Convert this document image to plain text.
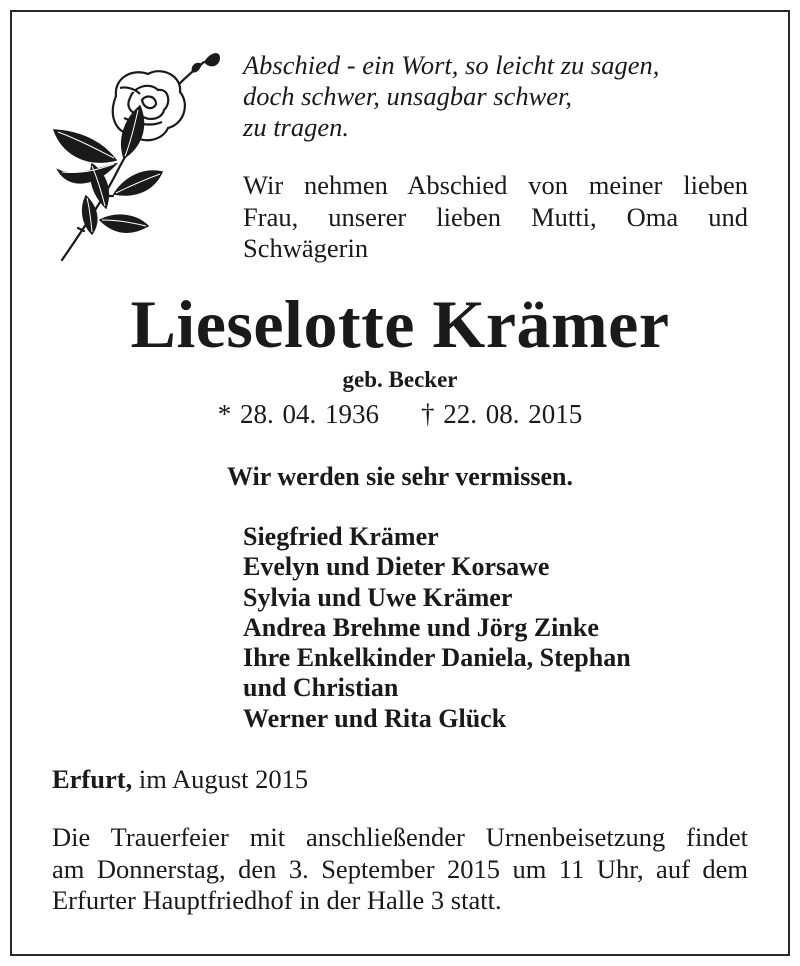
Abschied - ein Wort, so leicht zu sagen,
doch schwer, unsagbar schwer,
zu tragen.
Wir nehmen Abschied von meiner lieben
Frau, unserer lieben Mutti, Oma und
Schwägerin
Lieselotte Krämer
geb. Becker
* 28. 04. 1936 † 22. 08. 2015
Wir werden sie sehr vermissen.
Siegfried Krämer
Evelyn und Dieter Korsawe
Sylvia und Uwe Krämer
Andrea Brehme und Jörg Zinke
Ihre Enkelkinder Daniela, Stephan
und Christian
Werner und Rita Glück
Erfurt, im August 2015
Die Trauerfeier mit anschließender Urnenbeisetzung findet
am Donnerstag, den 3. September 2015 um 11 Uhr, auf dem
Erfurter Hauptfriedhof in der Halle 3 statt.
